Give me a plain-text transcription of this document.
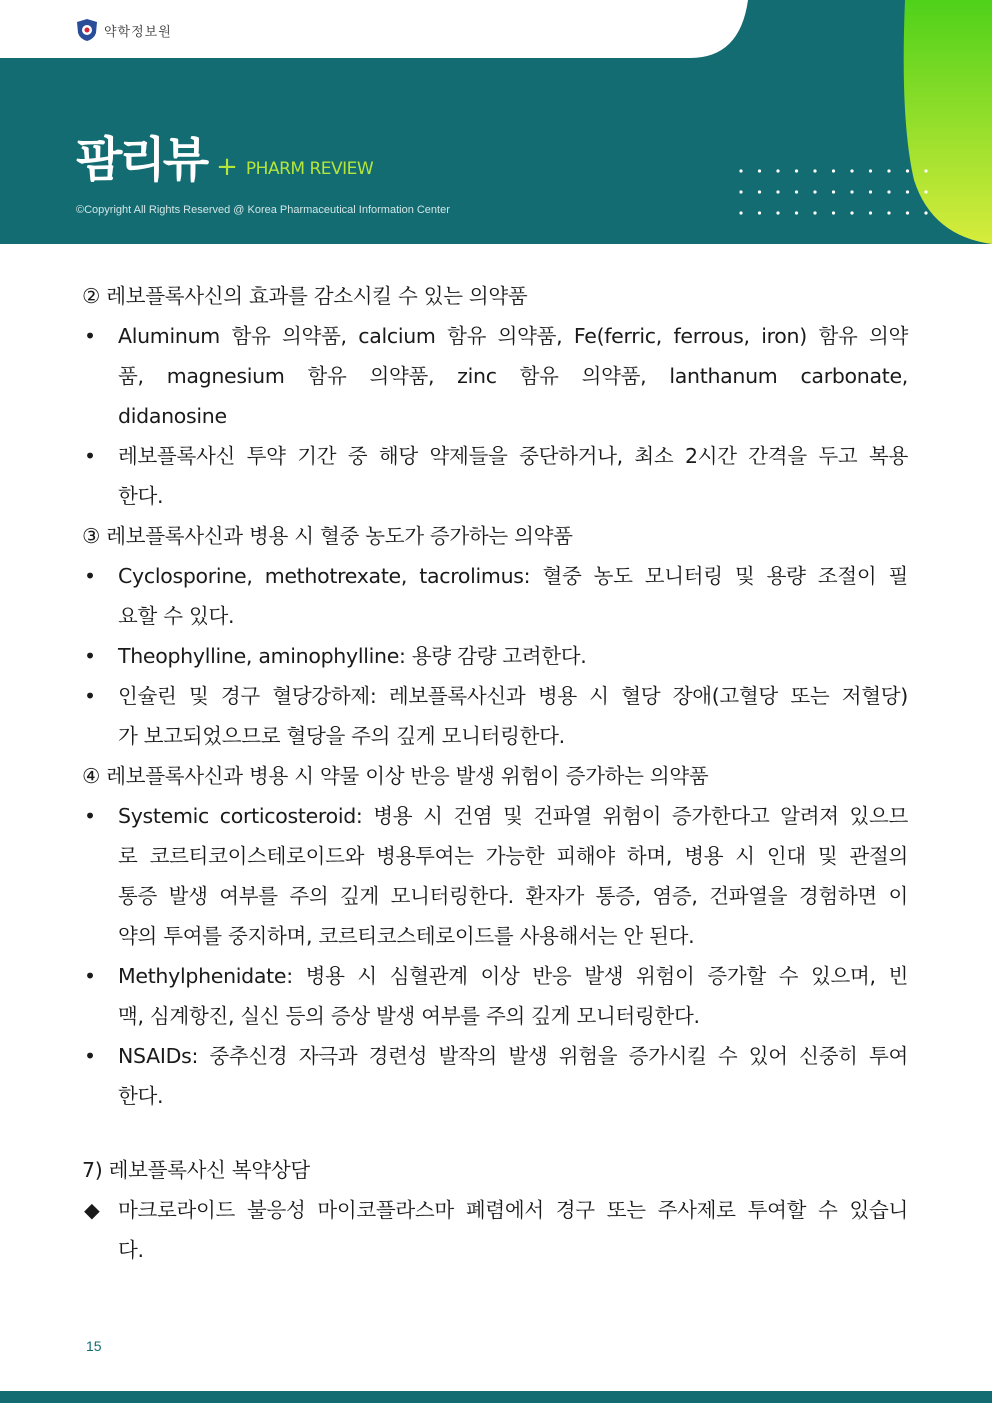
약학정보원
팜리뷰 + PHARM REVIEW
©Copyright All Rights Reserved @ Korea Pharmaceutical Information Center
② 레보플록사신의 효과를 감소시킬 수 있는 의약품
• Aluminum 함유 의약품, calcium 함유 의약품, Fe(ferric, ferrous, iron) 함유 의약
품, magnesium 함유 의약품, zinc 함유 의약품, lanthanum carbonate,
didanosine
• 레보플록사신 투약 기간 중 해당 약제들을 중단하거나, 최소 2시간 간격을 두고 복용
한다.
③ 레보플록사신과 병용 시 혈중 농도가 증가하는 의약품
• Cyclosporine, methotrexate, tacrolimus: 혈중 농도 모니터링 및 용량 조절이 필
요할 수 있다.
• Theophylline, aminophylline: 용량 감량 고려한다.
• 인슐린 및 경구 혈당강하제: 레보플록사신과 병용 시 혈당 장애(고혈당 또는 저혈당)
가 보고되었으므로 혈당을 주의 깊게 모니터링한다.
④ 레보플록사신과 병용 시 약물 이상 반응 발생 위험이 증가하는 의약품
• Systemic corticosteroid: 병용 시 건염 및 건파열 위험이 증가한다고 알려져 있으므
로 코르티코이스테로이드와 병용투여는 가능한 피해야 하며, 병용 시 인대 및 관절의
통증 발생 여부를 주의 깊게 모니터링한다. 환자가 통증, 염증, 건파열을 경험하면 이
약의 투여를 중지하며, 코르티코스테로이드를 사용해서는 안 된다.
• Methylphenidate: 병용 시 심혈관계 이상 반응 발생 위험이 증가할 수 있으며, 빈
맥, 심계항진, 실신 등의 증상 발생 여부를 주의 깊게 모니터링한다.
• NSAIDs: 중추신경 자극과 경련성 발작의 발생 위험을 증가시킬 수 있어 신중히 투여
한다.
7) 레보플록사신 복약상담
◆ 마크로라이드 불응성 마이코플라스마 폐렴에서 경구 또는 주사제로 투여할 수 있습니
다.
15
